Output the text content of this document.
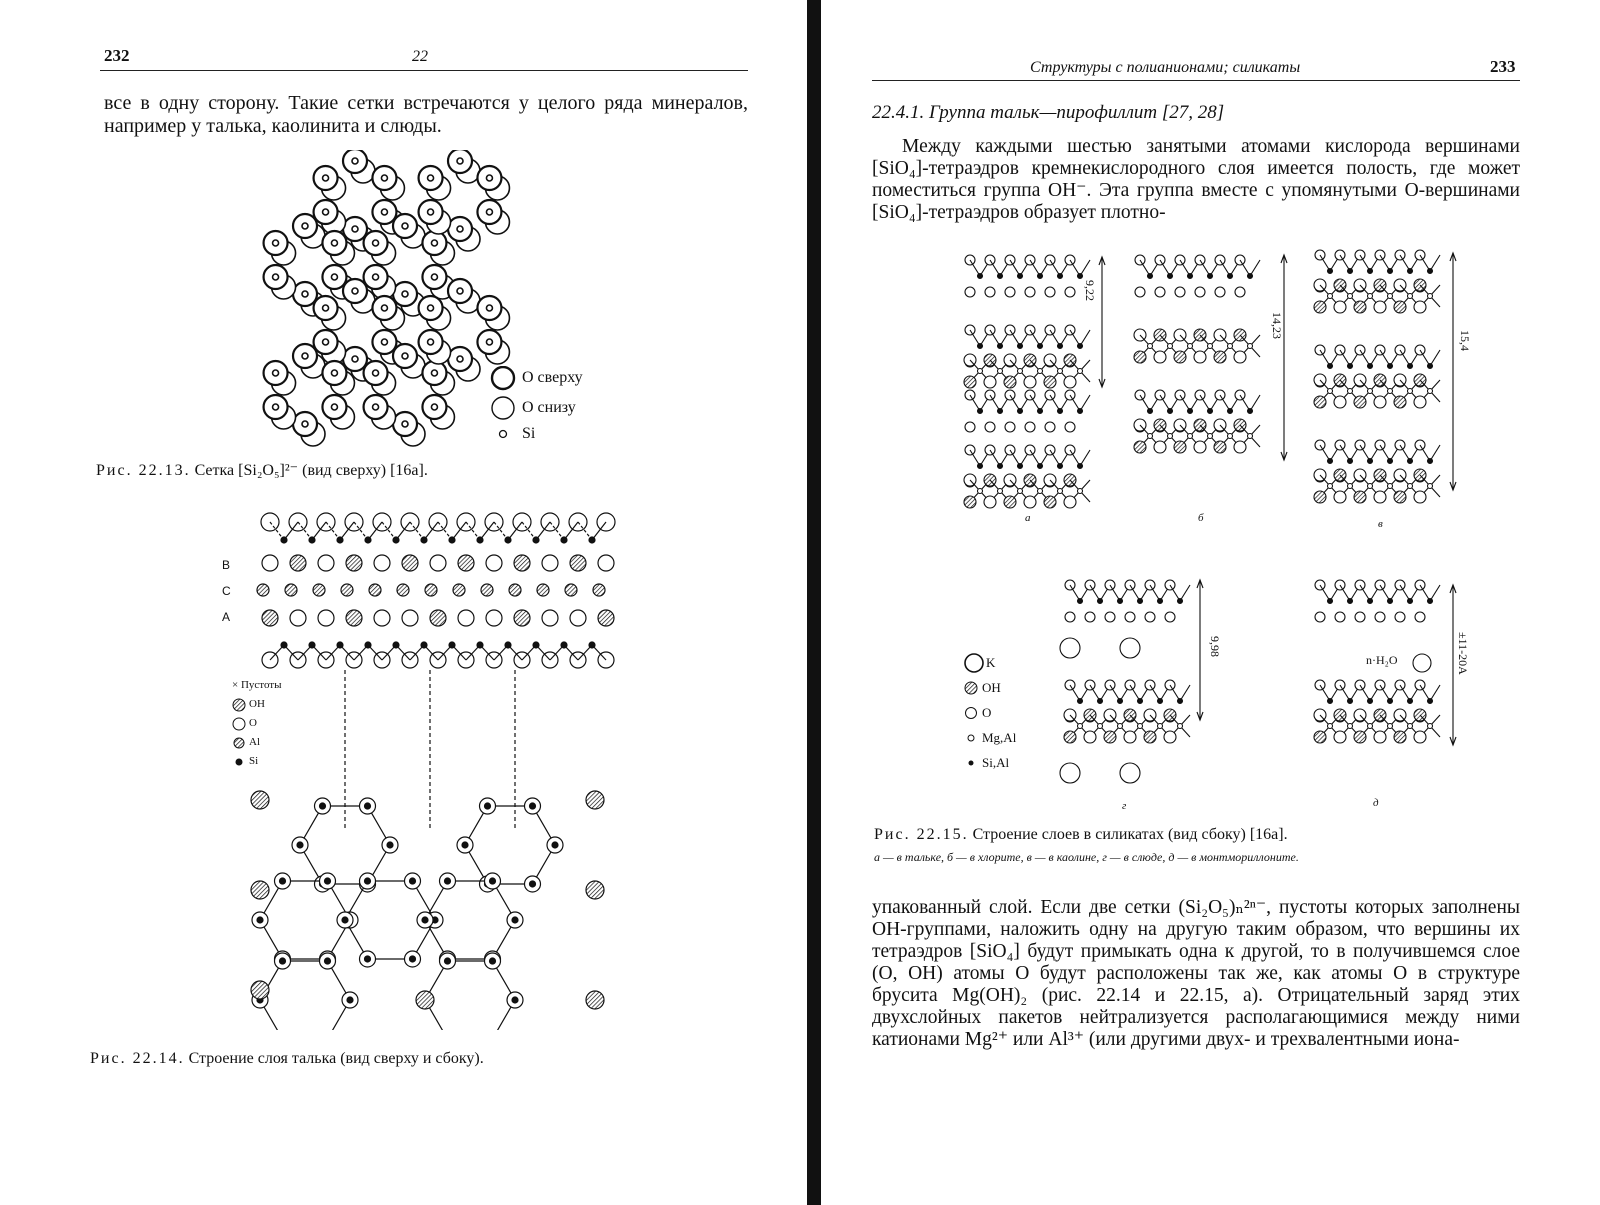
232	22
все в одну сторону. Такие сетки встречаются у целого ряда минералов, например у талька, каолинита и слюды.
О сверху
О снизу
Si
Рис. 22.13. Сетка [Si₂O₅]²⁻ (вид сверху) [16а].
B
C
A
× Пустоты
OH
O
Al
Si
Рис. 22.14. Строение слоя талька (вид сверху и сбоку).
Структуры с полианионами; силикаты	233
22.4.1. Группа тальк—пирофиллит [27, 28]
Между каждыми шестью занятыми атомами кислорода вершинами [SiO₄]-тетраэдров кремнекислородного слоя имеется полость, где может поместиться группа OH⁻. Эта группа вместе с упомянутыми O-вершинами [SiO₄]-тетраэдров образует плотно-
9,22
14,23
15,4
9,98	±11-20А
а	б	в
г	д
n·H₂O
K
OH
O
Mg,Al
Si,Al
Рис. 22.15. Строение слоев в силикатах (вид сбоку) [16а].
а — в тальке, б — в хлорите, в — в каолине, г — в слюде, д — в монтмориллоните.
упакованный слой. Если две сетки (Si₂O₅)ₙ²ⁿ⁻, пустоты которых заполнены OH-группами, наложить одну на другую таким образом, что вершины их тетраэдров [SiO₄] будут примыкать одна к другой, то в получившемся слое (O, OH) атомы O будут расположены так же, как атомы O в структуре брусита Mg(OH)₂ (рис. 22.14 и 22.15, а). Отрицательный заряд этих двухслойных пакетов нейтрализуется располагающимися между ними катионами Mg²⁺ или Al³⁺ (или другими двух- и трехвалентными иона-
